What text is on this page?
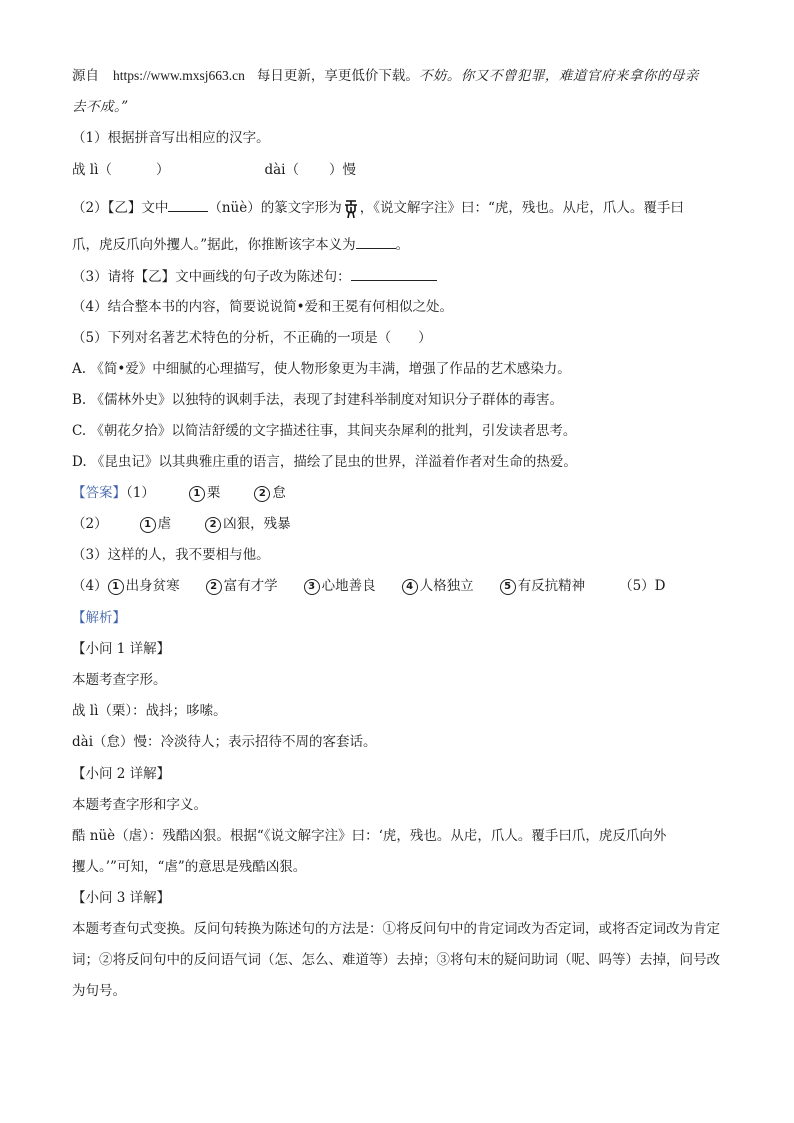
源自 https://www.mxsj663.cn 每日更新，享更低价下载。不妨。你又不曾犯罪，难道官府来拿你的母亲
去不成。”
（1）根据拼音写出相应的汉字。
战 lì（	）	dài（ ）慢
（2）【乙】文中	（nüè）的篆文字形为 ，《说文解字注》曰：“虎，残也。从虍，爪人。覆手曰
爪，虎反爪向外攫人。”据此，你推断该字本义为	。
（3）请将【乙】文中画线的句子改为陈述句：
（4）结合整本书的内容，简要说说简•爱和王冕有何相似之处。
（5）下列对名著艺术特色的分析，不正确的一项是（　　）
A. 《简•爱》中细腻的心理描写，使人物形象更为丰满，增强了作品的艺术感染力。
B. 《儒林外史》以独特的讽刺手法，表现了封建科举制度对知识分子群体的毒害。
C. 《朝花夕拾》以简洁舒缓的文字描述往事，其间夹杂犀利的批判，引发读者思考。
D. 《昆虫记》以其典雅庄重的语言，描绘了昆虫的世界，洋溢着作者对生命的热爱。
【答案】（1）	1 栗	2 怠
（2）	1 虐	2 凶狠，残暴
（3）这样的人，我不要相与他。
（4） 1 出身贫寒	2 富有才学	3 心地善良	4 人格独立	5 有反抗精神	（5）D
【解析】
【小问 1 详解】
本题考查字形。
战 lì（栗）：战抖；哆嗦。
dài（怠）慢：冷淡待人；表示招待不周的客套话。
【小问 2 详解】
本题考查字形和字义。
酷 nüè（虐）：残酷凶狠。根据“《说文解字注》曰：‘虎，残也。从虍，爪人。覆手曰爪，虎反爪向外
攫人。’”可知，“虐”的意思是残酷凶狠。
【小问 3 详解】
本题考查句式变换。反问句转换为陈述句的方法是：①将反问句中的肯定词改为否定词，或将否定词改为肯定词；②将反问句中的反问语气词（怎、怎么、难道等）去掉；③将句末的疑问助词（呢、吗等）去掉，问号改为句号。
